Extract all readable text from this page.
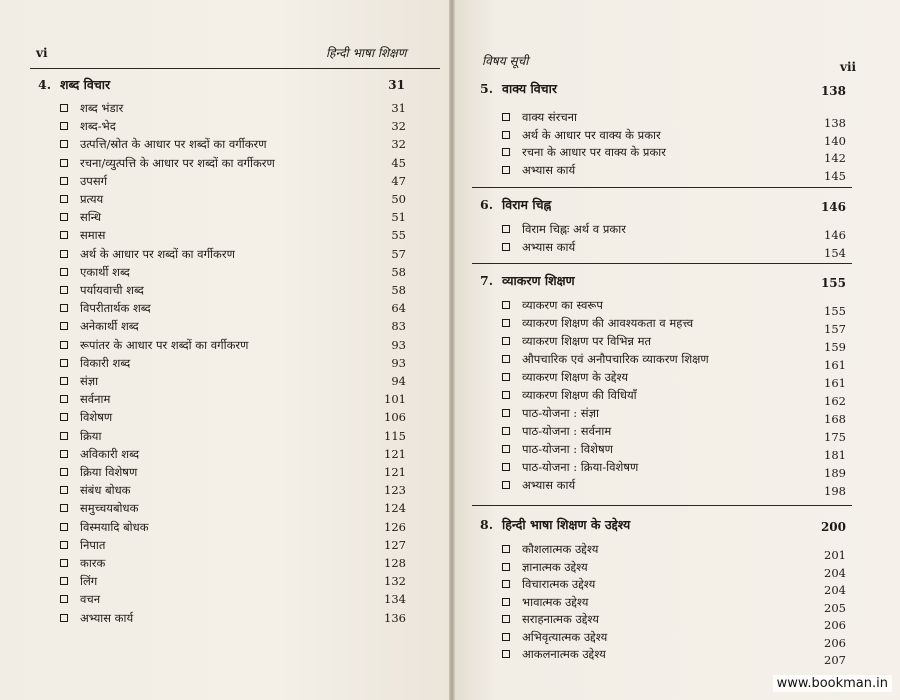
vi	हिन्दी भाषा शिक्षण
विषय सूची	vii
4. शब्द विचार	31
शब्द भंडार	31
शब्द-भेद	32
उत्पत्ति/स्रोत के आधार पर शब्दों का वर्गीकरण	32
रचना/व्युत्पत्ति के आधार पर शब्दों का वर्गीकरण	45
उपसर्ग	47
प्रत्यय	50
सन्धि	51
समास	55
अर्थ के आधार पर शब्दों का वर्गीकरण	57
एकार्थी शब्द	58
पर्यायवाची शब्द	58
विपरीतार्थक शब्द	64
अनेकार्थी शब्द	83
रूपांतर के आधार पर शब्दों का वर्गीकरण	93
विकारी शब्द	93
संज्ञा	94
सर्वनाम	101
विशेषण	106
क्रिया	115
अविकारी शब्द	121
क्रिया विशेषण	121
संबंध बोधक	123
समुच्चयबोधक	124
विस्मयादि बोधक	126
निपात	127
कारक	128
लिंग	132
वचन	134
अभ्यास कार्य	136
5. वाक्य विचार	138
वाक्य संरचना	138
अर्थ के आधार पर वाक्य के प्रकार	140
रचना के आधार पर वाक्य के प्रकार	142
अभ्यास कार्य	145
6. विराम चिह्न	146
विराम चिह्नः अर्थ व प्रकार	146
अभ्यास कार्य	154
7. व्याकरण शिक्षण	155
व्याकरण का स्वरूप	155
व्याकरण शिक्षण की आवश्यकता व महत्त्व	157
व्याकरण शिक्षण पर विभिन्न मत	159
औपचारिक एवं अनौपचारिक व्याकरण शिक्षण	161
व्याकरण शिक्षण के उद्देश्य	161
व्याकरण शिक्षण की विधियाँ	162
पाठ-योजना : संज्ञा	168
पाठ-योजना : सर्वनाम	175
पाठ-योजना : विशेषण	181
पाठ-योजना : क्रिया-विशेषण	189
अभ्यास कार्य	198
8. हिन्दी भाषा शिक्षण के उद्देश्य	200
कौशलात्मक उद्देश्य	201
ज्ञानात्मक उद्देश्य	204
विचारात्मक उद्देश्य	204
भावात्मक उद्देश्य	205
सराहनात्मक उद्देश्य	206
अभिवृत्यात्मक उद्देश्य	206
आकलनात्मक उद्देश्य	207
www.bookman.in
